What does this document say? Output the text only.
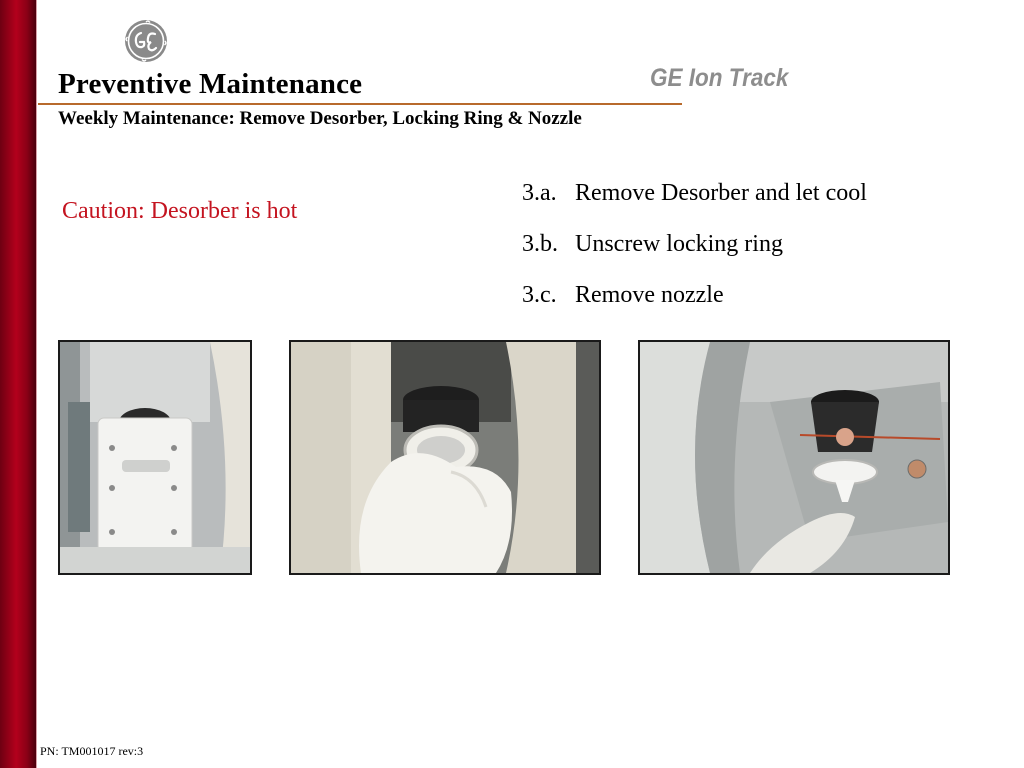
Preventive Maintenance
Weekly Maintenance: Remove Desorber, Locking Ring & Nozzle
GE Ion Track
Caution: Desorber is hot
3.a. Remove Desorber and let cool
3.b. Unscrew locking ring
3.c. Remove nozzle
PN: TM001017 rev:3
